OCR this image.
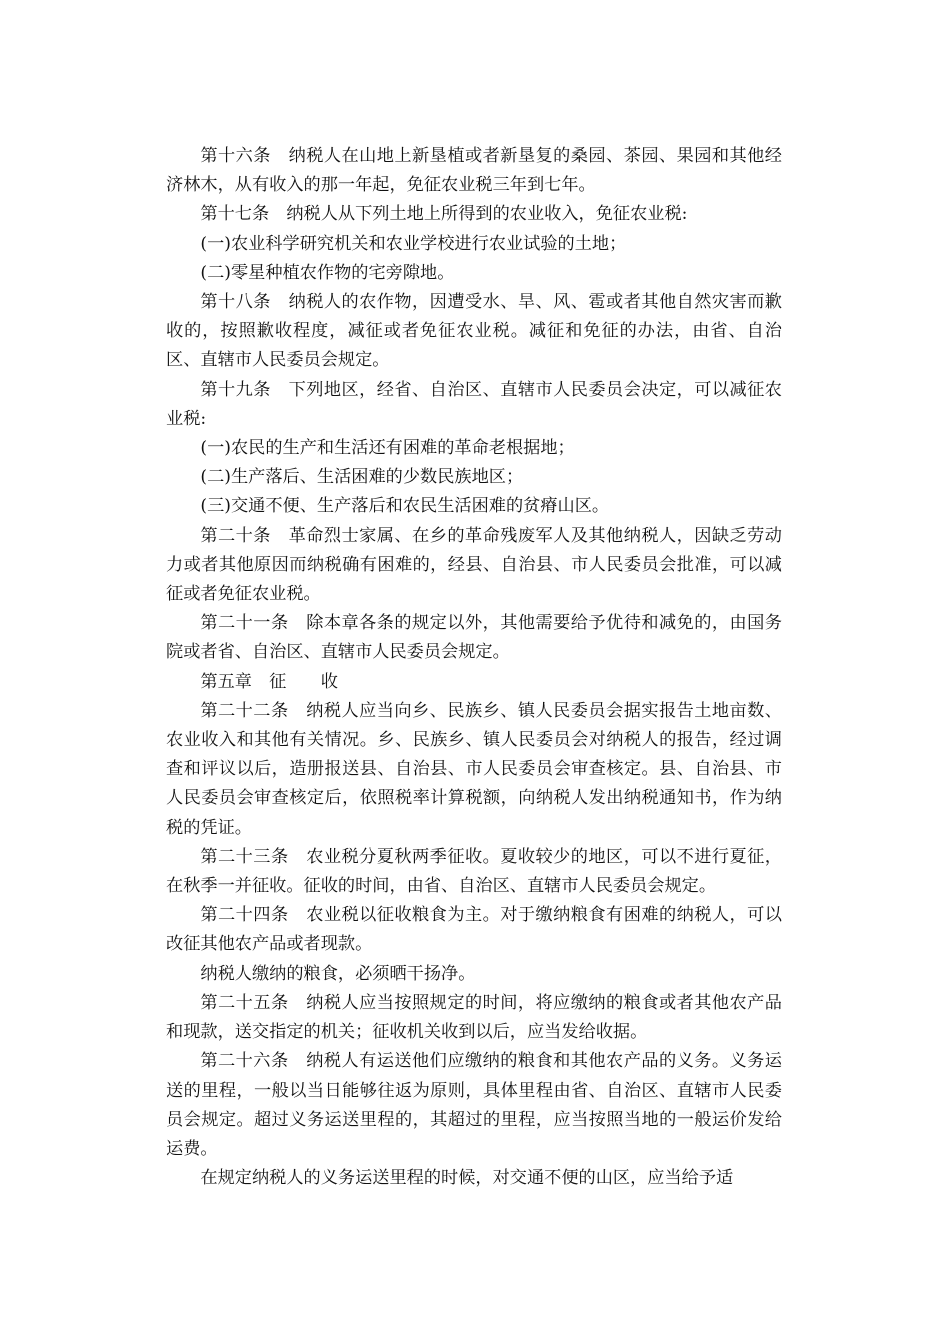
第十六条　纳税人在山地上新垦植或者新垦复的桑园、茶园、果园和其他经济林木，从有收入的那一年起，免征农业税三年到七年。

第十七条　纳税人从下列土地上所得到的农业收入，免征农业税:

(一)农业科学研究机关和农业学校进行农业试验的土地；

(二)零星种植农作物的宅旁隙地。

第十八条　纳税人的农作物，因遭受水、旱、风、雹或者其他自然灾害而歉收的，按照歉收程度，减征或者免征农业税。减征和免征的办法，由省、自治区、直辖市人民委员会规定。

第十九条　下列地区，经省、自治区、直辖市人民委员会决定，可以减征农业税:

(一)农民的生产和生活还有困难的革命老根据地；

(二)生产落后、生活困难的少数民族地区；

(三)交通不便、生产落后和农民生活困难的贫瘠山区。

第二十条　革命烈士家属、在乡的革命残废军人及其他纳税人，因缺乏劳动力或者其他原因而纳税确有困难的，经县、自治县、市人民委员会批准，可以减征或者免征农业税。

第二十一条　除本章各条的规定以外，其他需要给予优待和减免的，由国务院或者省、自治区、直辖市人民委员会规定。

第五章　征　　收

第二十二条　纳税人应当向乡、民族乡、镇人民委员会据实报告土地亩数、农业收入和其他有关情况。乡、民族乡、镇人民委员会对纳税人的报告，经过调查和评议以后，造册报送县、自治县、市人民委员会审查核定。县、自治县、市人民委员会审查核定后，依照税率计算税额，向纳税人发出纳税通知书，作为纳税的凭证。

第二十三条　农业税分夏秋两季征收。夏收较少的地区，可以不进行夏征，在秋季一并征收。征收的时间，由省、自治区、直辖市人民委员会规定。

第二十四条　农业税以征收粮食为主。对于缴纳粮食有困难的纳税人，可以改征其他农产品或者现款。

纳税人缴纳的粮食，必须晒干扬净。

第二十五条　纳税人应当按照规定的时间，将应缴纳的粮食或者其他农产品和现款，送交指定的机关；征收机关收到以后，应当发给收据。

第二十六条　纳税人有运送他们应缴纳的粮食和其他农产品的义务。义务运送的里程，一般以当日能够往返为原则，具体里程由省、自治区、直辖市人民委员会规定。超过义务运送里程的，其超过的里程，应当按照当地的一般运价发给运费。

在规定纳税人的义务运送里程的时候，对交通不便的山区，应当给予适
